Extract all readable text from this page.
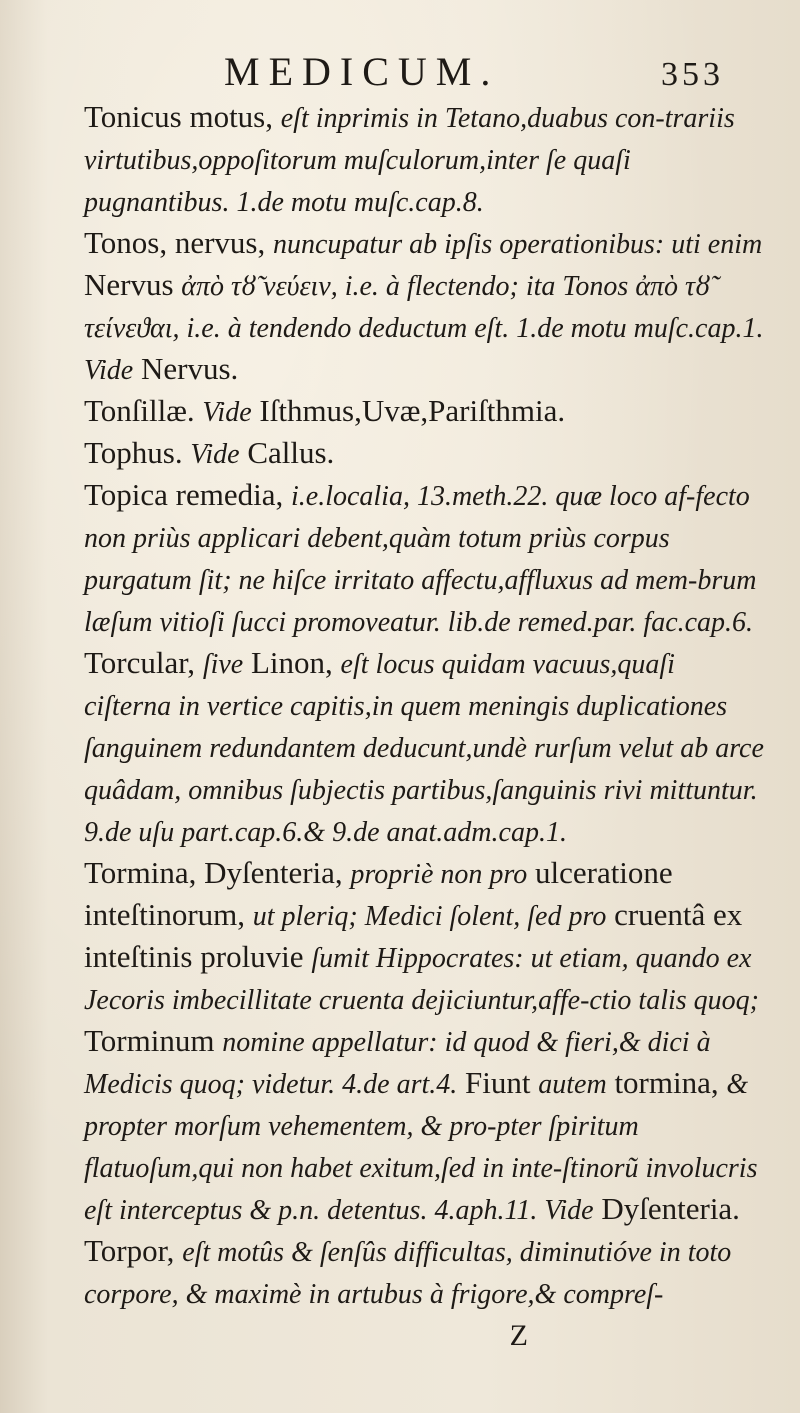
MEDICUM.	353

Tonicus motus, eſt inprimis in Tetano,duabus con-trariis virtutibus,oppoſitorum muſculorum,inter ſe quaſi pugnantibus. 1.de motu muſc.cap.8.

Tonos, nervus, nuncupatur ab ipſis operationibus: uti enim Nervus ἀπὸ τȣ̃ νεύειν, i.e. à flectendo; ita Tonos ἀπὸ τȣ̃ τείνεϑαι, i.e. à tendendo deductum eſt. 1.de motu muſc.cap.1. Vide Nervus.

Tonſillæ. Vide Iſthmus,Uvæ,Pariſthmia.

Tophus. Vide Callus.

Topica remedia, i.e.localia, 13.meth.22. quæ loco af-fecto non priùs applicari debent,quàm totum priùs corpus purgatum ſit; ne hiſce irritato affectu,affluxus ad mem-brum læſum vitioſi ſucci promoveatur. lib.de remed.par. fac.cap.6.

Torcular, ſive Linon, eſt locus quidam vacuus,quaſi ciſterna in vertice capitis,in quem meningis duplicationes ſanguinem redundantem deducunt,undè rurſum velut ab arce quâdam, omnibus ſubjectis partibus,ſanguinis rivi mittuntur. 9.de uſu part.cap.6.& 9.de anat.adm.cap.1.

Tormina, Dyſenteria, propriè non pro ulceratione inteſtinorum, ut pleriq; Medici ſolent, ſed pro cruentâ ex inteſtinis proluvie ſumit Hippocrates: ut etiam, quando ex Jecoris imbecillitate cruenta dejiciuntur,affe-ctio talis quoq; Torminum nomine appellatur: id quod & fieri,& dici à Medicis quoq; videtur. 4.de art.4. Fiunt autem tormina, & propter morſum vehementem, & pro-pter ſpiritum flatuoſum,qui non habet exitum,ſed in inte-ſtinorũ involucris eſt interceptus & p.n. detentus. 4.aph.11. Vide Dyſenteria.

Torpor, eſt motûs & ſenſûs difficultas, diminutióve in toto corpore, & maximè in artubus à frigore,& compreſ-

Z
